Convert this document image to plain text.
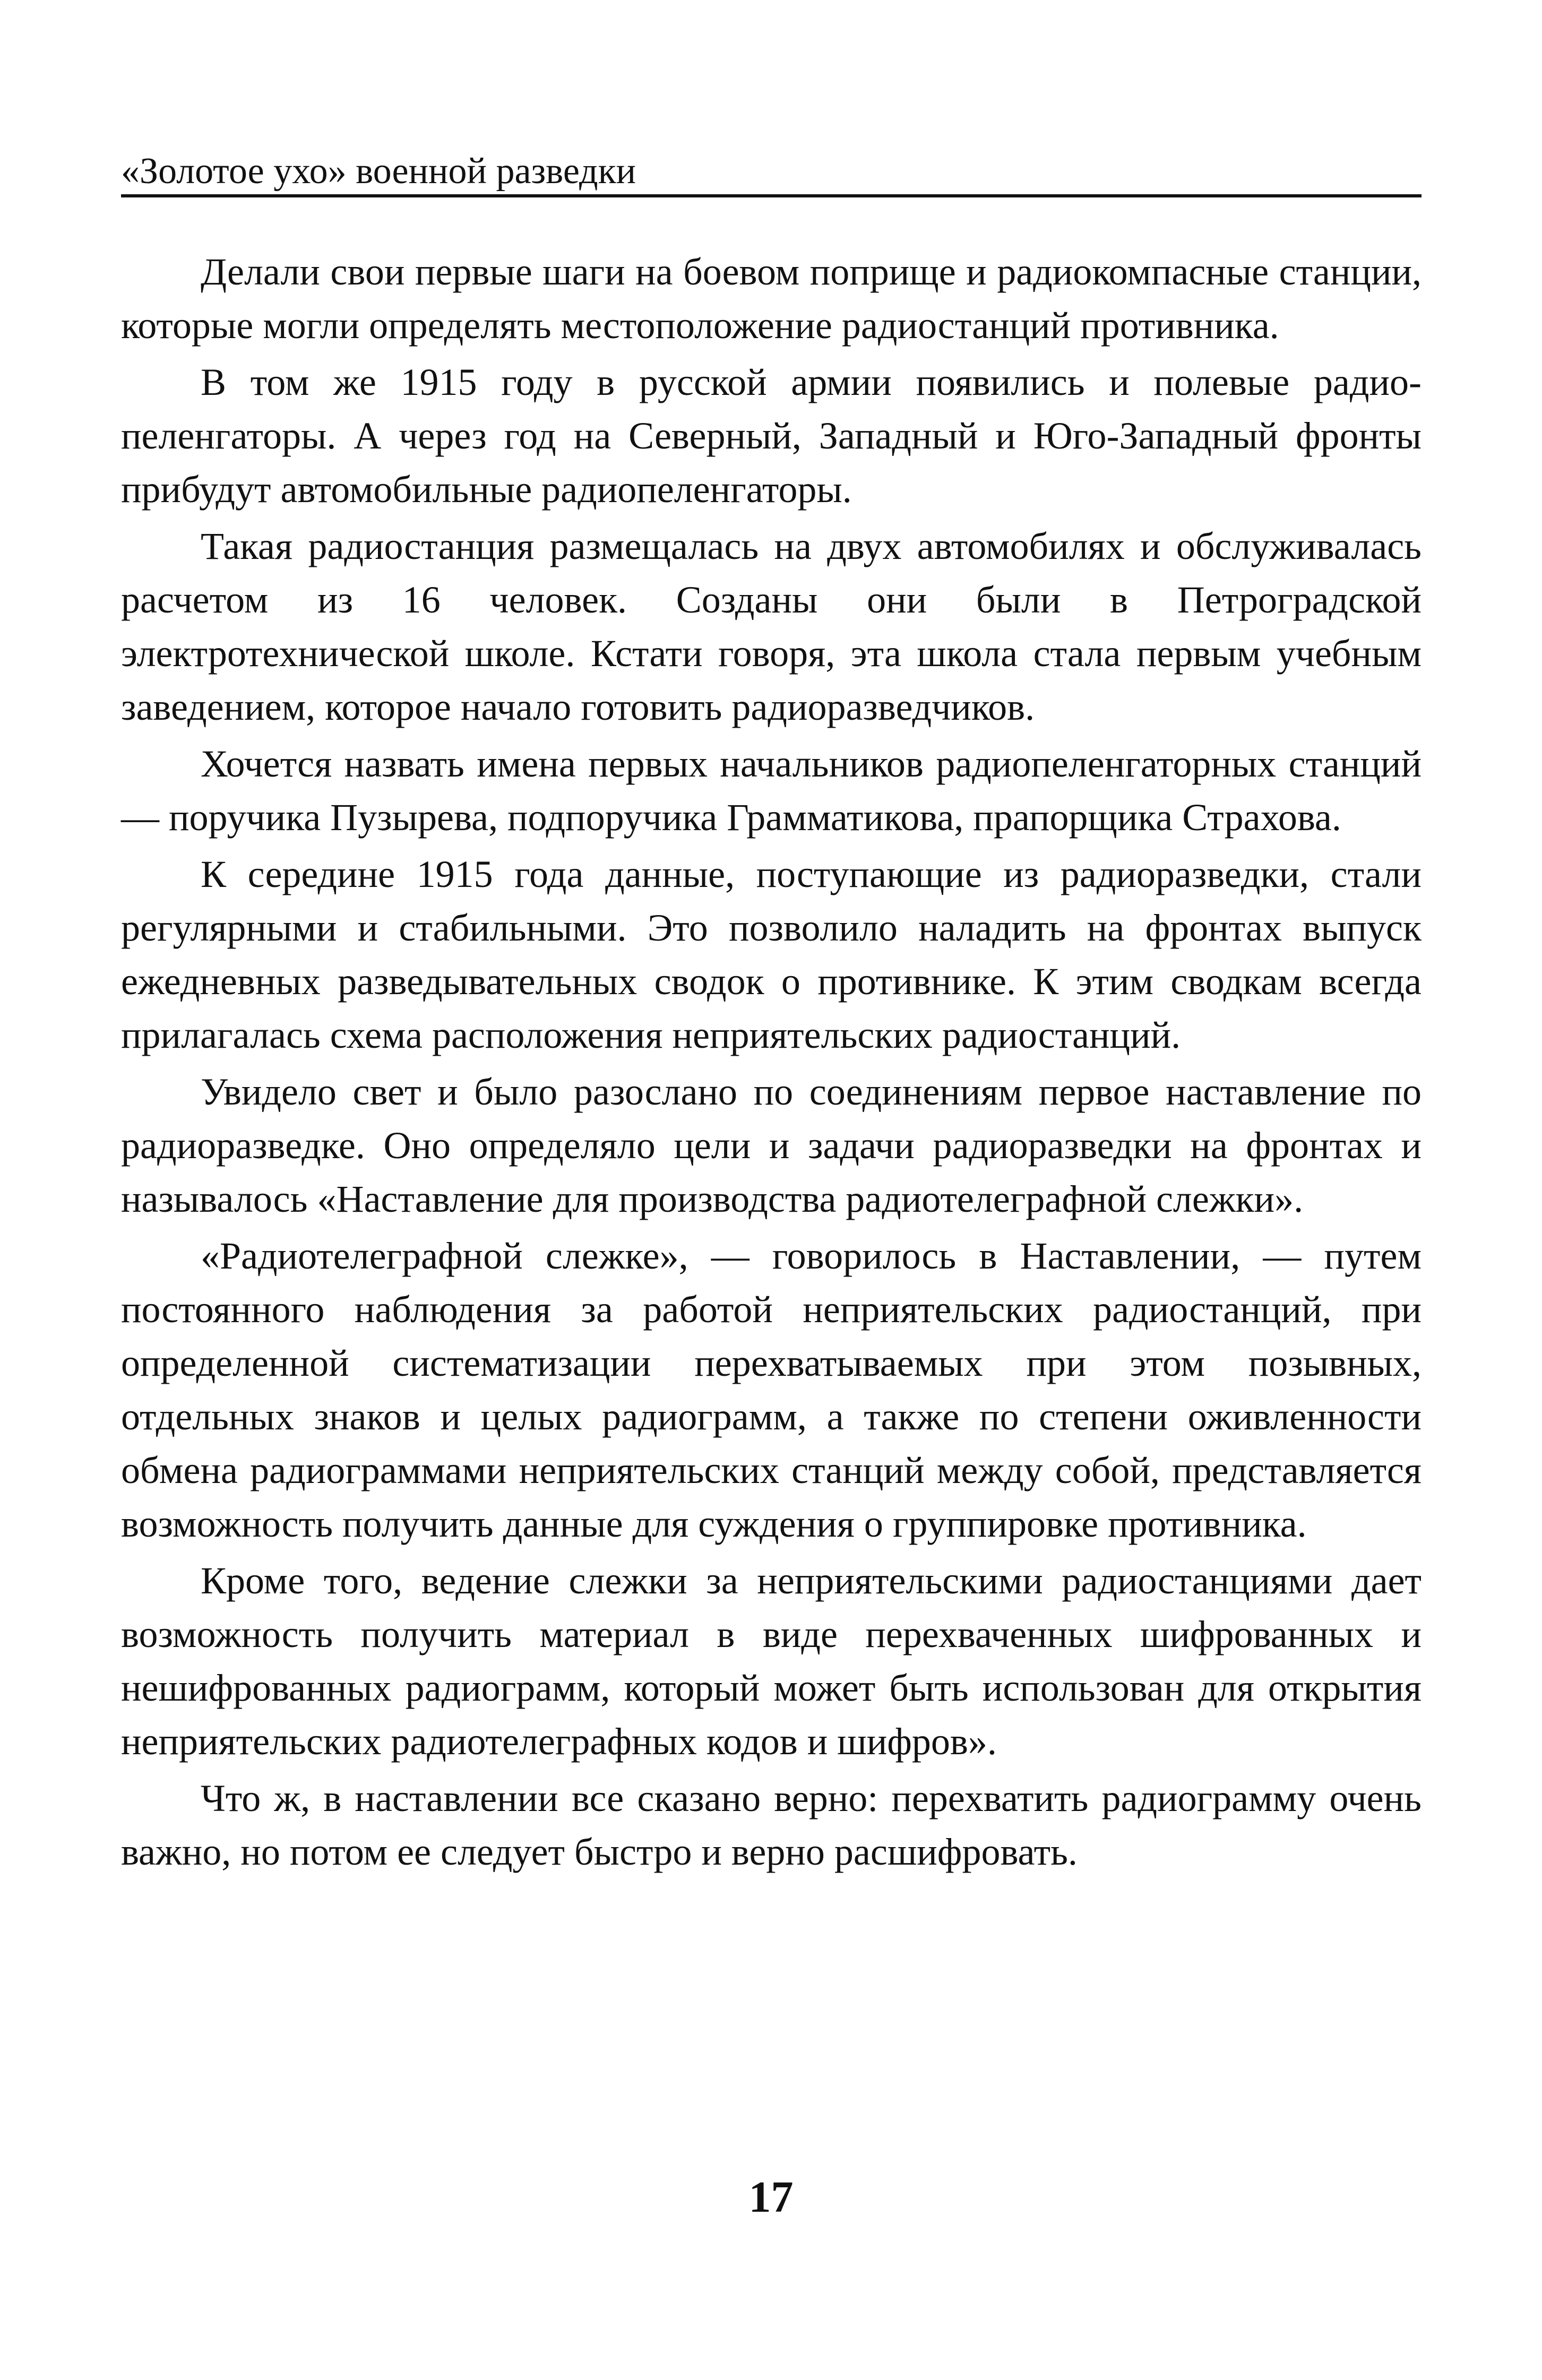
«Золотое ухо» военной разведки

Делали свои первые шаги на боевом поприще и радиокомпасные станции, которые могли определять местоположение радиостанций противника.

В том же 1915 году в русской армии появились и полевые радиопеленгаторы. А через год на Северный, Западный и Юго-Западный фронты прибудут автомобильные радиопеленгаторы.

Такая радиостанция размещалась на двух автомобилях и обслуживалась расчетом из 16 человек. Созданы они были в Петроградской электротехнической школе. Кстати говоря, эта школа стала первым учебным заведением, которое начало готовить радиоразведчиков.

Хочется назвать имена первых начальников радиопеленгаторных станций — поручика Пузырева, подпоручика Грамматикова, прапорщика Страхова.

К середине 1915 года данные, поступающие из радиоразведки, стали регулярными и стабильными. Это позволило наладить на фронтах выпуск ежедневных разведывательных сводок о противнике. К этим сводкам всегда прилагалась схема расположения неприятельских радиостанций.

Увидело свет и было разослано по соединениям первое наставление по радиоразведке. Оно определяло цели и задачи радиоразведки на фронтах и называлось «Наставление для производства радиотелеграфной слежки».

«Радиотелеграфной слежке», — говорилось в Наставлении, — путем постоянного наблюдения за работой неприятельских радиостанций, при определенной систематизации перехватываемых при этом позывных, отдельных знаков и целых радиограмм, а также по степени оживленности обмена радиограммами неприятельских станций между собой, представляется возможность получить данные для суждения о группировке противника.

Кроме того, ведение слежки за неприятельскими радиостанциями дает возможность получить материал в виде перехваченных шифрованных и нешифрованных радиограмм, который может быть использован для открытия неприятельских радиотелеграфных кодов и шифров».

Что ж, в наставлении все сказано верно: перехватить радиограмму очень важно, но потом ее следует быстро и верно расшифровать.

17
